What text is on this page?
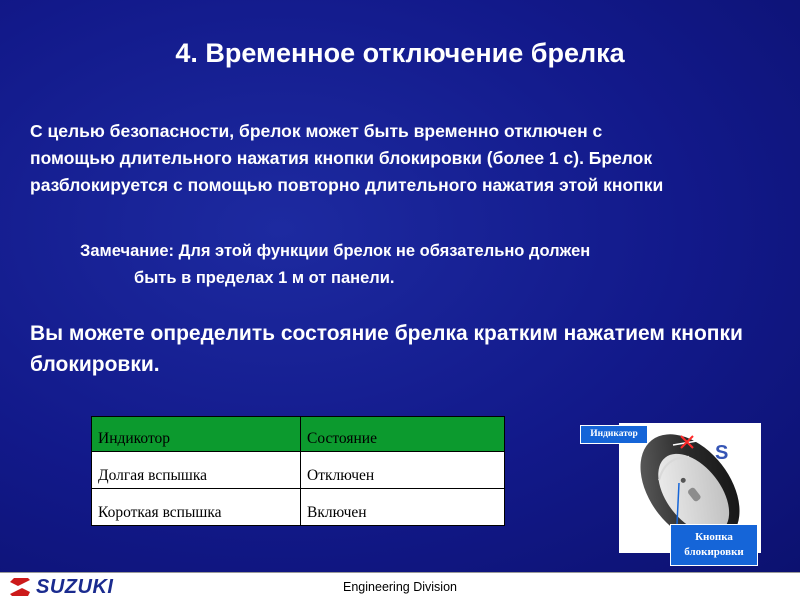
4. Временное отключение брелка
С целью безопасности, брелок может быть временно отключен с
помощью длительного нажатия кнопки блокировки (более 1 с). Брелок
разблокируется с помощью повторно длительного нажатия этой кнопки
Замечание: Для этой функции брелок не обязательно должен
быть в пределах 1 м от панели.
Вы можете определить состояние брелка кратким нажатием кнопки блокировки.
Индикотор	Состояние
Долгая вспышка	Отключен
Короткая вспышка	Включен
S
Индикатор
Кнопка
блокировки
SUZUKI	Engineering Division
